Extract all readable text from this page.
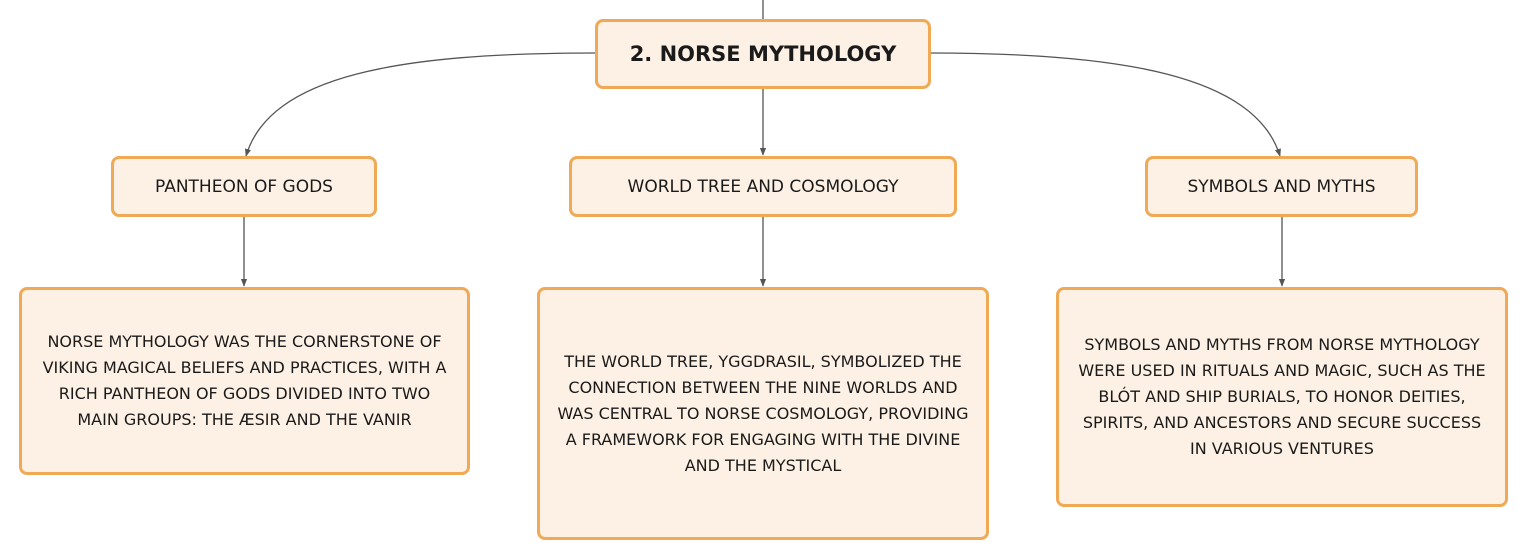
2. NORSE MYTHOLOGY
PANTHEON OF GODS	WORLD TREE AND COSMOLOGY	SYMBOLS AND MYTHS
NORSE MYTHOLOGY WAS THE CORNERSTONE OF VIKING MAGICAL BELIEFS AND PRACTICES, WITH A RICH PANTHEON OF GODS DIVIDED INTO TWO MAIN GROUPS: THE ÆSIR AND THE VANIR
THE WORLD TREE, YGGDRASIL, SYMBOLIZED THE CONNECTION BETWEEN THE NINE WORLDS AND WAS CENTRAL TO NORSE COSMOLOGY, PROVIDING A FRAMEWORK FOR ENGAGING WITH THE DIVINE AND THE MYSTICAL
SYMBOLS AND MYTHS FROM NORSE MYTHOLOGY WERE USED IN RITUALS AND MAGIC, SUCH AS THE BLÓT AND SHIP BURIALS, TO HONOR DEITIES, SPIRITS, AND ANCESTORS AND SECURE SUCCESS IN VARIOUS VENTURES
